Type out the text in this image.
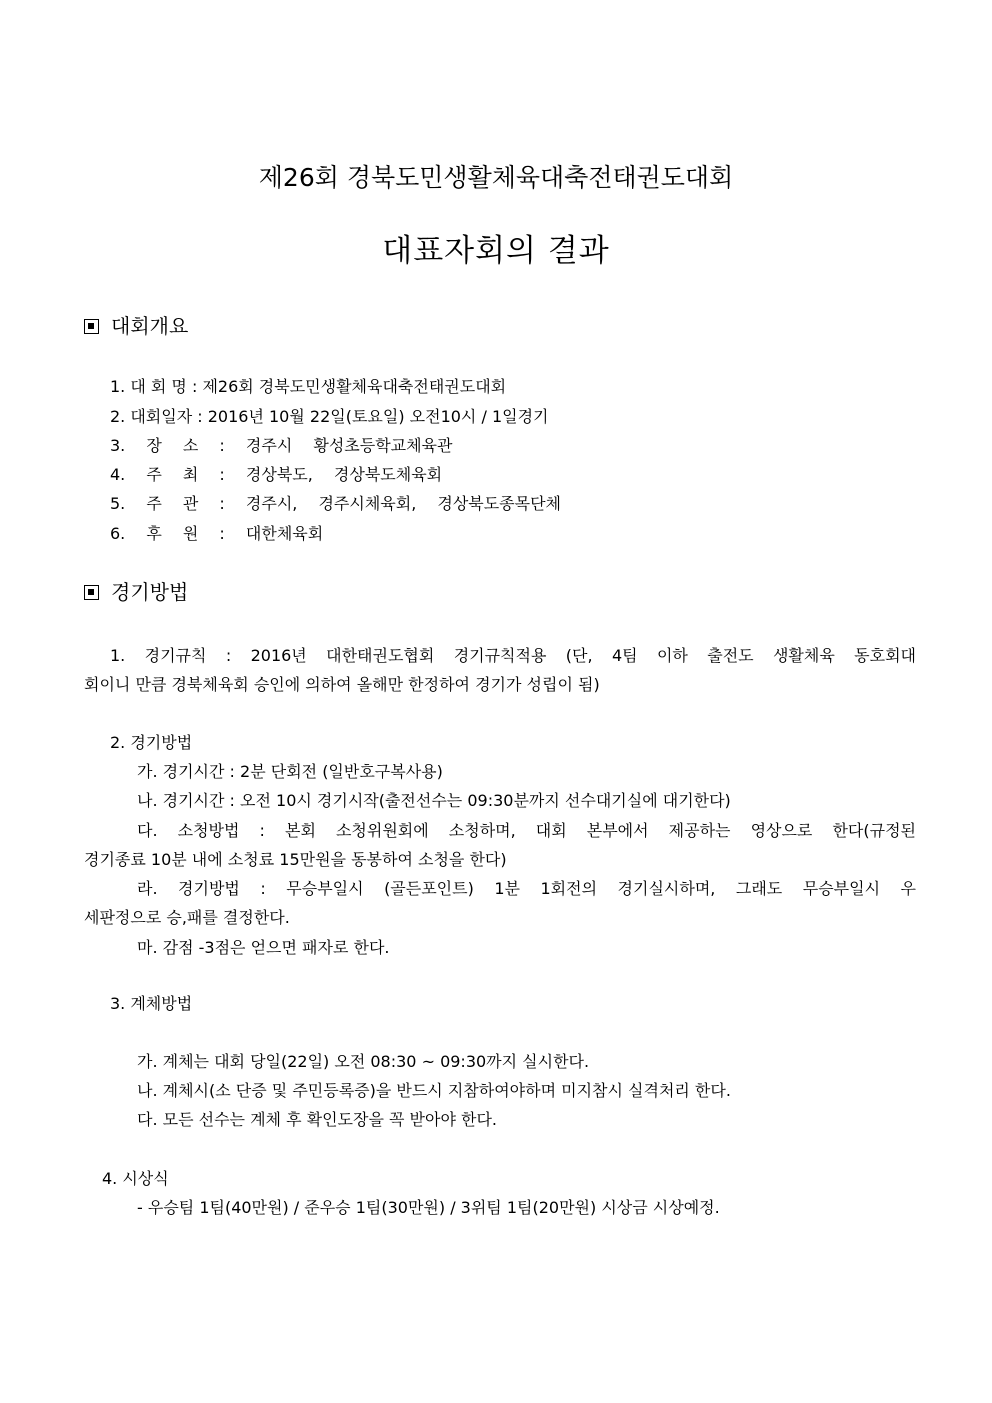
제26회 경북도민생활체육대축전태권도대회
대표자회의 결과
대회개요
1. 대 회 명 : 제26회 경북도민생활체육대축전태권도대회
2. 대회일자 : 2016년 10월 22일(토요일) 오전10시 / 1일경기
3. 장 소 : 경주시 황성초등학교체육관
4. 주 최 : 경상북도, 경상북도체육회
5. 주 관 : 경주시, 경주시체육회, 경상북도종목단체
6. 후 원 : 대한체육회
경기방법
1. 경기규칙 : 2016년 대한태권도협회 경기규칙적용 (단, 4팀 이하 출전도 생활체육 동호회대
회이니 만큼 경북체육회 승인에 의하여 올해만 한정하여 경기가 성립이 됨)
2. 경기방법
가. 경기시간 : 2분 단회전 (일반호구복사용)
나. 경기시간 : 오전 10시 경기시작(출전선수는 09:30분까지 선수대기실에 대기한다)
다. 소청방법 : 본회 소청위원회에 소청하며, 대회 본부에서 제공하는 영상으로 한다(규정된
경기종료 10분 내에 소청료 15만원을 동봉하여 소청을 한다)
라. 경기방법 : 무승부일시 (골든포인트) 1분 1회전의 경기실시하며, 그래도 무승부일시 우
세판정으로 승,패를 결정한다.
마. 감점 -3점은 얻으면 패자로 한다.
3. 계체방법
가. 계체는 대회 당일(22일) 오전 08:30 ~ 09:30까지 실시한다.
나. 계체시(소 단증 및 주민등록증)을 반드시 지참하여야하며 미지참시 실격처리 한다.
다. 모든 선수는 계체 후 확인도장을 꼭 받아야 한다.
4. 시상식
- 우승팀 1팀(40만원) / 준우승 1팀(30만원) / 3위팀 1팀(20만원) 시상금 시상예정.
